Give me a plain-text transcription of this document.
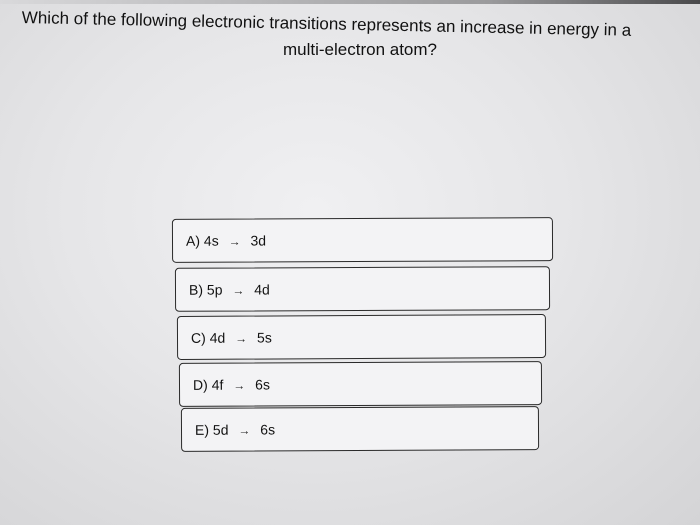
Which of the following electronic transitions represents an increase in energy in a
multi-electron atom?
A) 4s → 3d
B) 5p → 4d
C) 4d → 5s
D) 4f → 6s
E) 5d → 6s
